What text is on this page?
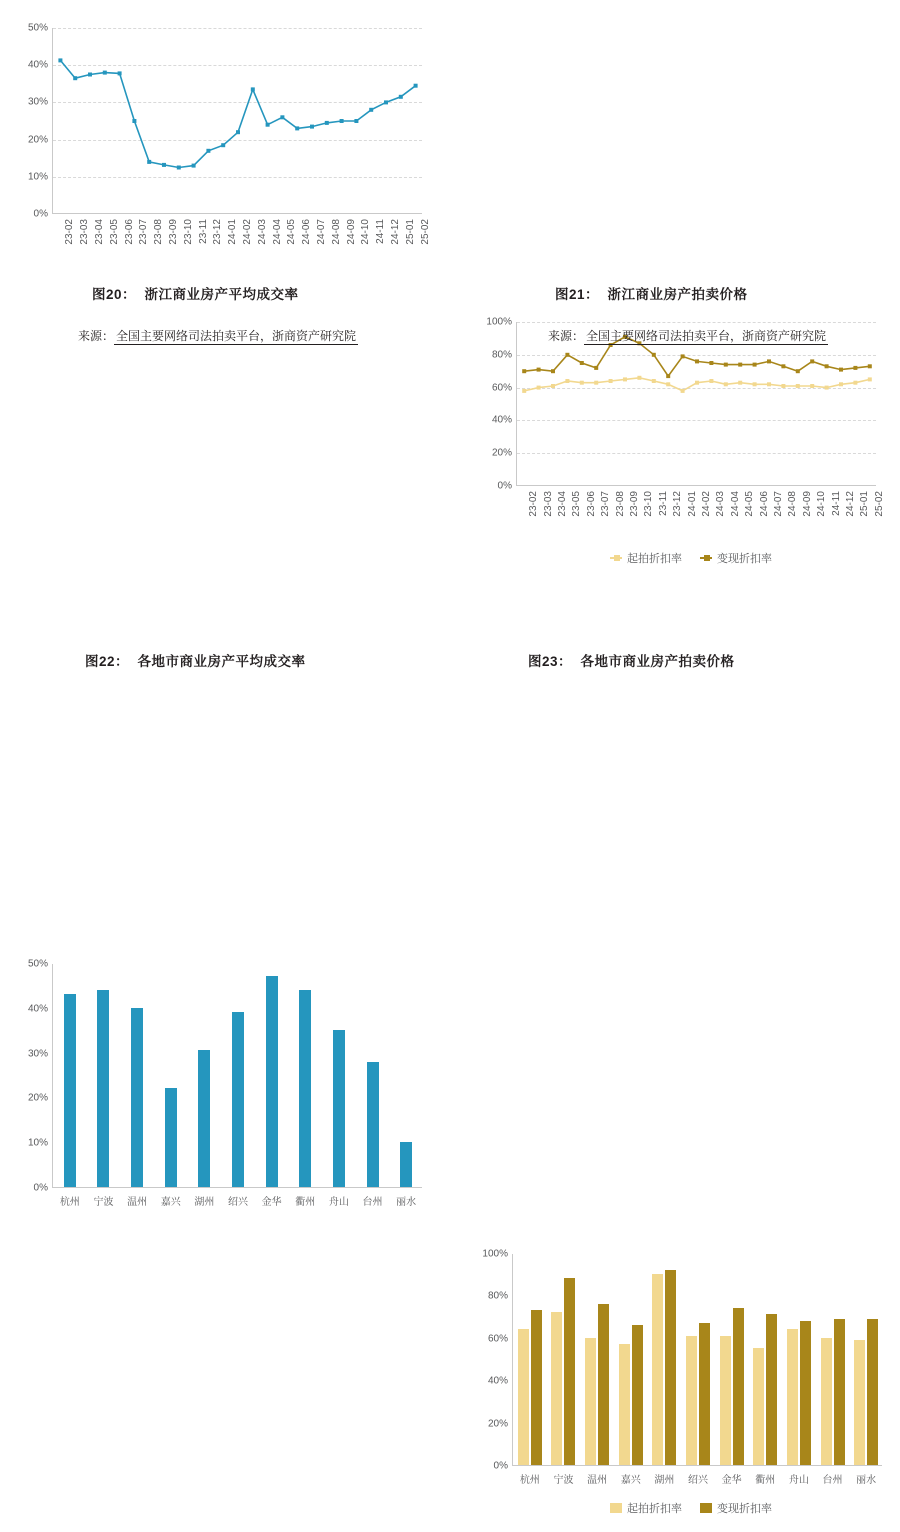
0%
10%
20%
30%
40%
50%
23-02 23-03 23-04 23-05 23-06 23-07 23-08 23-09 23-10 23-11 23-12 24-01 24-02 24-03 24-04 24-05 24-06 24-07 24-08 24-09 24-10 24-11 24-12 25-01 25-02
图20： 浙江商业房产平均成交率
来源： 全国主要网络司法拍卖平台，浙商资产研究院
0%
20%
40%
60%
80%
100%
23-02 23-03 23-04 23-05 23-06 23-07 23-08 23-09 23-10 23-11 23-12 24-01 24-02 24-03 24-04 24-05 24-06 24-07 24-08 24-09 24-10 24-11 24-12 25-01 25-02
起拍折扣率	变现折扣率
图21： 浙江商业房产拍卖价格
来源： 全国主要网络司法拍卖平台，浙商资产研究院
0%
10%
20%
30%
40%
50%
杭州 宁波 温州 嘉兴 湖州 绍兴 金华 衢州 舟山 台州 丽水
图22： 各地市商业房产平均成交率
0%
20%
40%
60%
80%
100%
杭州 宁波 温州 嘉兴 湖州 绍兴 金华 衢州 舟山 台州 丽水
起拍折扣率	变现折扣率
图23： 各地市商业房产拍卖价格
